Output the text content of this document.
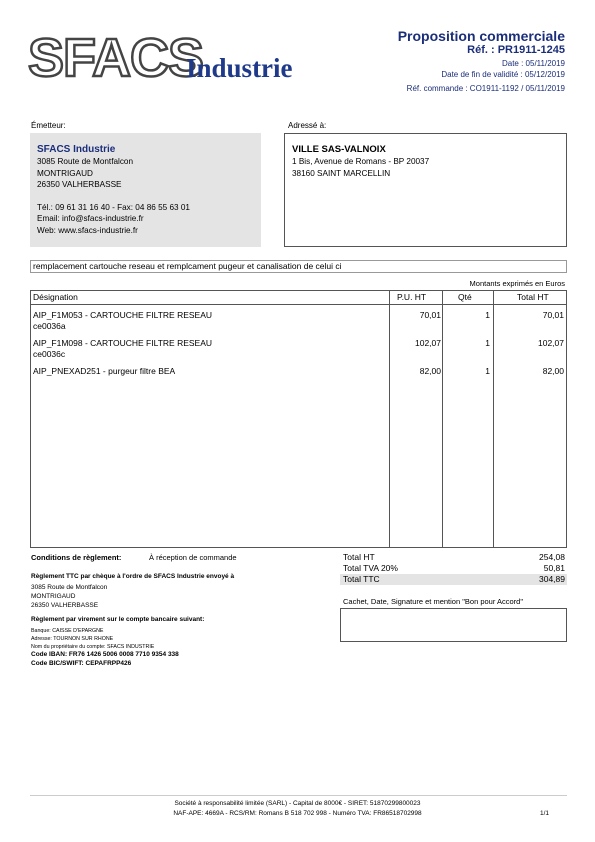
SFACS
Industrie
Proposition commerciale
Réf. : PR1911-1245
Date : 05/11/2019
Date de fin de validité : 05/12/2019
Réf. commande : CO1911-1192 / 05/11/2019
Émetteur:
SFACS Industrie
3085 Route de Montfalcon
MONTRIGAUD
26350 VALHERBASSE
Tél.: 09 61 31 16 40 - Fax: 04 86 55 63 01
Email: info@sfacs-industrie.fr
Web: www.sfacs-industrie.fr
Adressé à:
VILLE SAS-VALNOIX
1 Bis, Avenue de Romans - BP 20037
38160 SAINT MARCELLIN
remplacement cartouche reseau et remplcament pugeur et canalisation de celui ci
Montants exprimés en Euros
Désignation	P.U. HT	Qté	Total HT
AIP_F1M053 - CARTOUCHE FILTRE RESEAU
ce0036a
70,01	1	70,01
AIP_F1M098 - CARTOUCHE FILTRE RESEAU
ce0036c
102,07	1	102,07
AIP_PNEXAD251 - purgeur filtre BEA	82,00	1	82,00
Conditions de règlement:	À réception de commande
Règlement TTC par chèque à l'ordre de SFACS Industrie envoyé à
3085 Route de Montfalcon
MONTRIGAUD
26350 VALHERBASSE
Règlement par virement sur le compte bancaire suivant:
Banque: CAISSE D'EPARGNE
Adresse: TOURNON SUR RHONE
Nom du propriétaire du compte: SFACS INDUSTRIE
Code IBAN: FR76 1426 5006 0008 7710 9354 338
Code BIC/SWIFT: CEPAFRPP426
Total HT	254,08
Total TVA 20%	50,81
Total TTC	304,89
Cachet, Date, Signature et mention "Bon pour Accord"
Société à responsabilité limitée (SARL) - Capital de 8000€ - SIRET: 51870299800023
NAF-APE: 4669A - RCS/RM: Romans B 518 702 998 - Numéro TVA: FR86518702998	1/1
